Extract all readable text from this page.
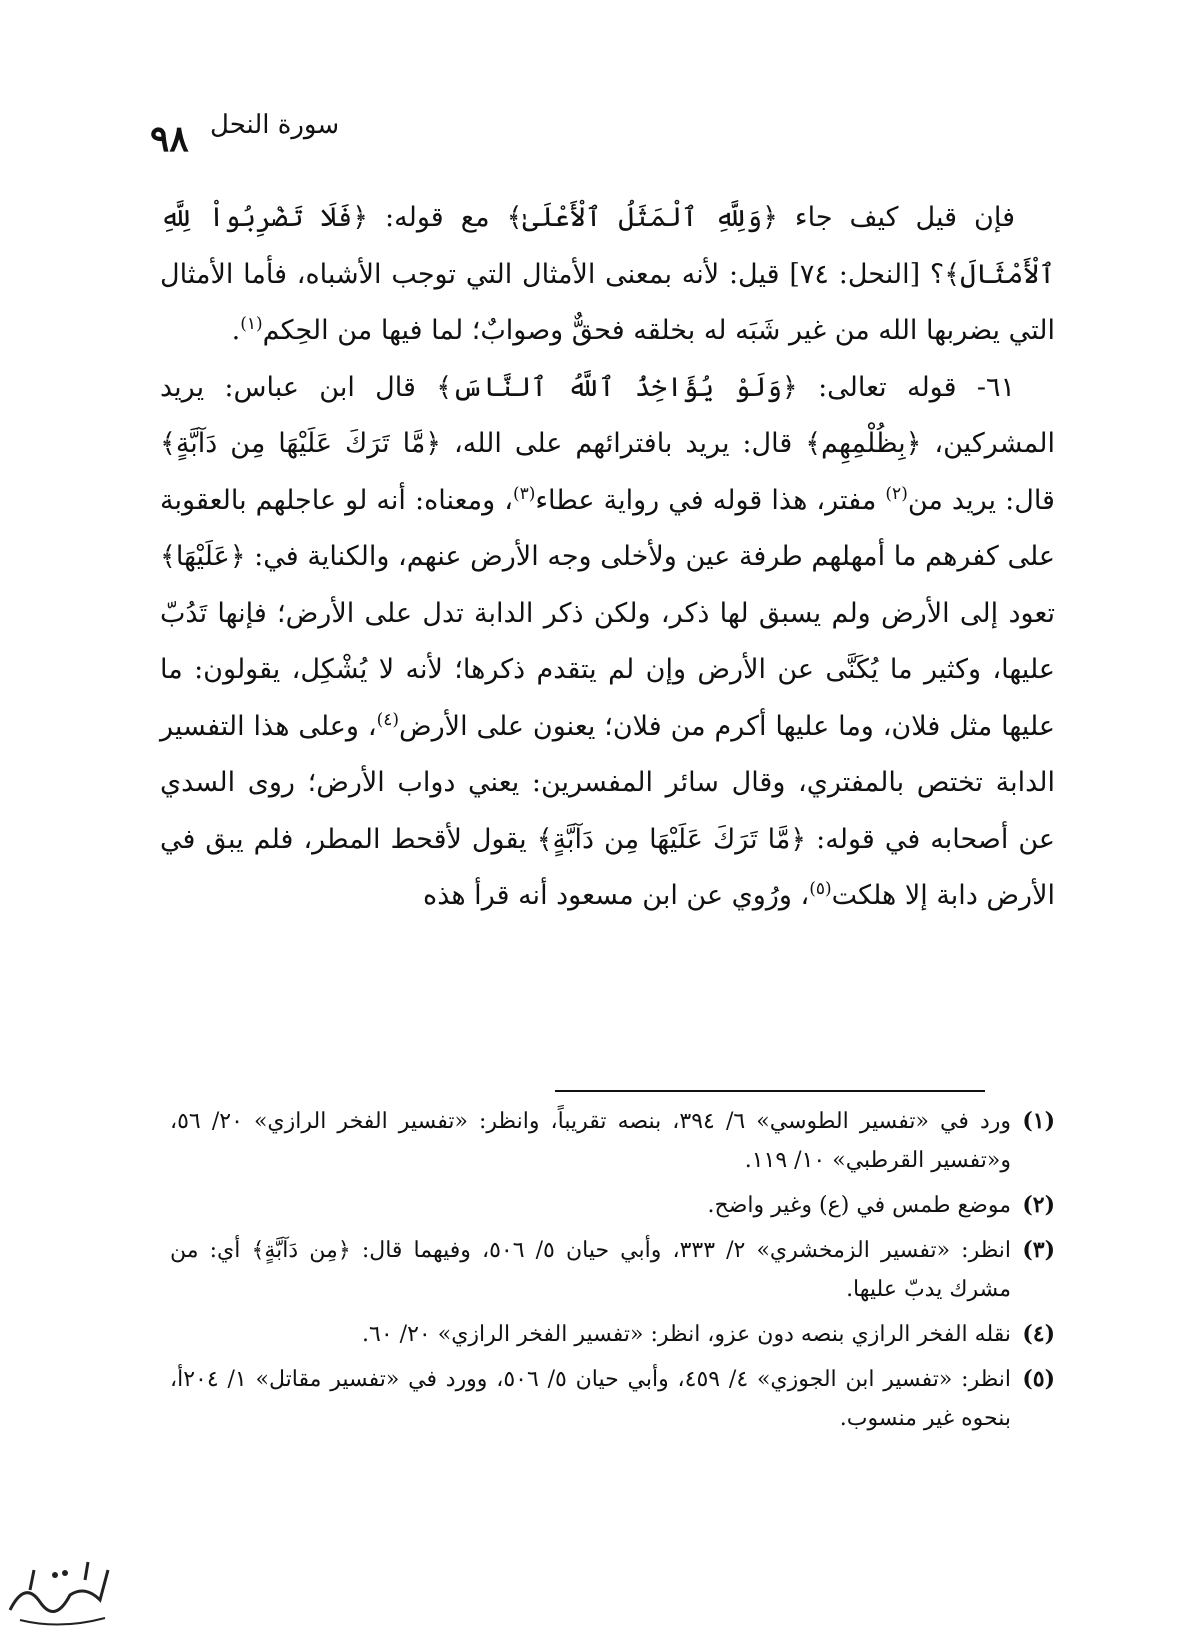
٩٨ سورة النحل

فإن قيل كيف جاء ﴿وَلِلَّهِ ٱلْمَثَلُ ٱلْأَعْلَىٰ﴾ مع قوله: ﴿فَلَا تَضْرِبُواْ لِلَّهِ ٱلْأَمْثَالَ﴾؟ [النحل: ٧٤] قيل: لأنه بمعنى الأمثال التي توجب الأشباه، فأما الأمثال التي يضربها الله من غير شَبَه له بخلقه فحقٌّ وصوابٌ؛ لما فيها من الحِكم$^{(١)}$.

٦١- قوله تعالى: ﴿وَلَوْ يُؤَاخِذُ ٱللَّهُ ٱلنَّاسَ﴾ قال ابن عباس: يريد المشركين، ﴿بِظُلْمِهِم﴾ قال: يريد بافترائهم على الله، ﴿مَّا تَرَكَ عَلَيْهَا مِن دَآبَّةٍ﴾ قال: يريد من$^{(٢)}$ مفتر، هذا قوله في رواية عطاء$^{(٣)}$، ومعناه: أنه لو عاجلهم بالعقوبة على كفرهم ما أمهلهم طرفة عين ولأخلى وجه الأرض عنهم، والكناية في: ﴿عَلَيْهَا﴾ تعود إلى الأرض ولم يسبق لها ذكر، ولكن ذكر الدابة تدل على الأرض؛ فإنها تَدُبّ عليها، وكثير ما يُكَنَّى عن الأرض وإن لم يتقدم ذكرها؛ لأنه لا يُشْكِل، يقولون: ما عليها مثل فلان، وما عليها أكرم من فلان؛ يعنون على الأرض$^{(٤)}$، وعلى هذا التفسير الدابة تختص بالمفتري، وقال سائر المفسرين: يعني دواب الأرض؛ روى السدي عن أصحابه في قوله: ﴿مَّا تَرَكَ عَلَيْهَا مِن دَآبَّةٍ﴾ يقول لأقحط المطر، فلم يبق في الأرض دابة إلا هلكت$^{(٥)}$، ورُوي عن ابن مسعود أنه قرأ هذه

(١)
ورد في «تفسير الطوسي» ٦/ ٣٩٤، بنصه تقريباً، وانظر: «تفسير الفخر الرازي» ٢٠/ ٥٦، و«تفسير القرطبي» ١٠/ ١١٩.
(٢)
موضع طمس في (ع) وغير واضح.
(٣)
انظر: «تفسير الزمخشري» ٢/ ٣٣٣، وأبي حيان ٥/ ٥٠٦، وفيهما قال: ﴿مِن دَآبَّةٍ﴾ أي: من مشرك يدبّ عليها.
(٤)
نقله الفخر الرازي بنصه دون عزو، انظر: «تفسير الفخر الرازي» ٢٠/ ٦٠.
(٥)
انظر: «تفسير ابن الجوزي» ٤/ ٤٥٩، وأبي حيان ٥/ ٥٠٦، وورد في «تفسير مقاتل» ١/ ٢٠٤أ، بنحوه غير منسوب.
